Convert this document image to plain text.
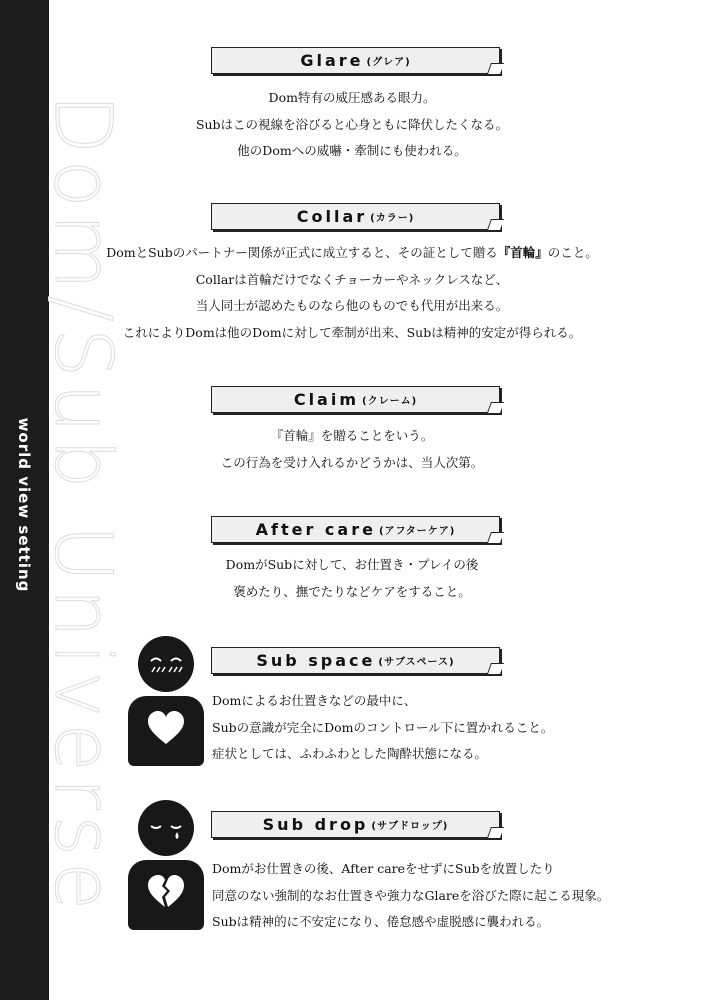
world view setting Dom/Sub Universe
Glare (グレア)

Dom特有の威圧感ある眼力。

Subはこの視線を浴びると心身ともに降伏したくなる。

他のDomへの威嚇・牽制にも使われる。

Collar (カラー)

DomとSubのパートナー関係が正式に成立すると、その証として贈る『首輪』のこと。

Collarは首輪だけでなくチョーカーやネックレスなど、

当人同士が認めたものなら他のものでも代用が出来る。

これによりDomは他のDomに対して牽制が出来、Subは精神的安定が得られる。

Claim (クレーム)

『首輪』を贈ることをいう。

この行為を受け入れるかどうかは、当人次第。

After care (アフターケア)

DomがSubに対して、お仕置き・プレイの後

褒めたり、撫でたりなどケアをすること。

Sub space (サブスペース)

Domによるお仕置きなどの最中に、

Subの意識が完全にDomのコントロール下に置かれること。

症状としては、ふわふわとした陶酔状態になる。

Sub drop (サブドロップ)

Domがお仕置きの後、After careをせずにSubを放置したり

同意のない強制的なお仕置きや強力なGlareを浴びた際に起こる現象。

Subは精神的に不安定になり、倦怠感や虚脱感に襲われる。
